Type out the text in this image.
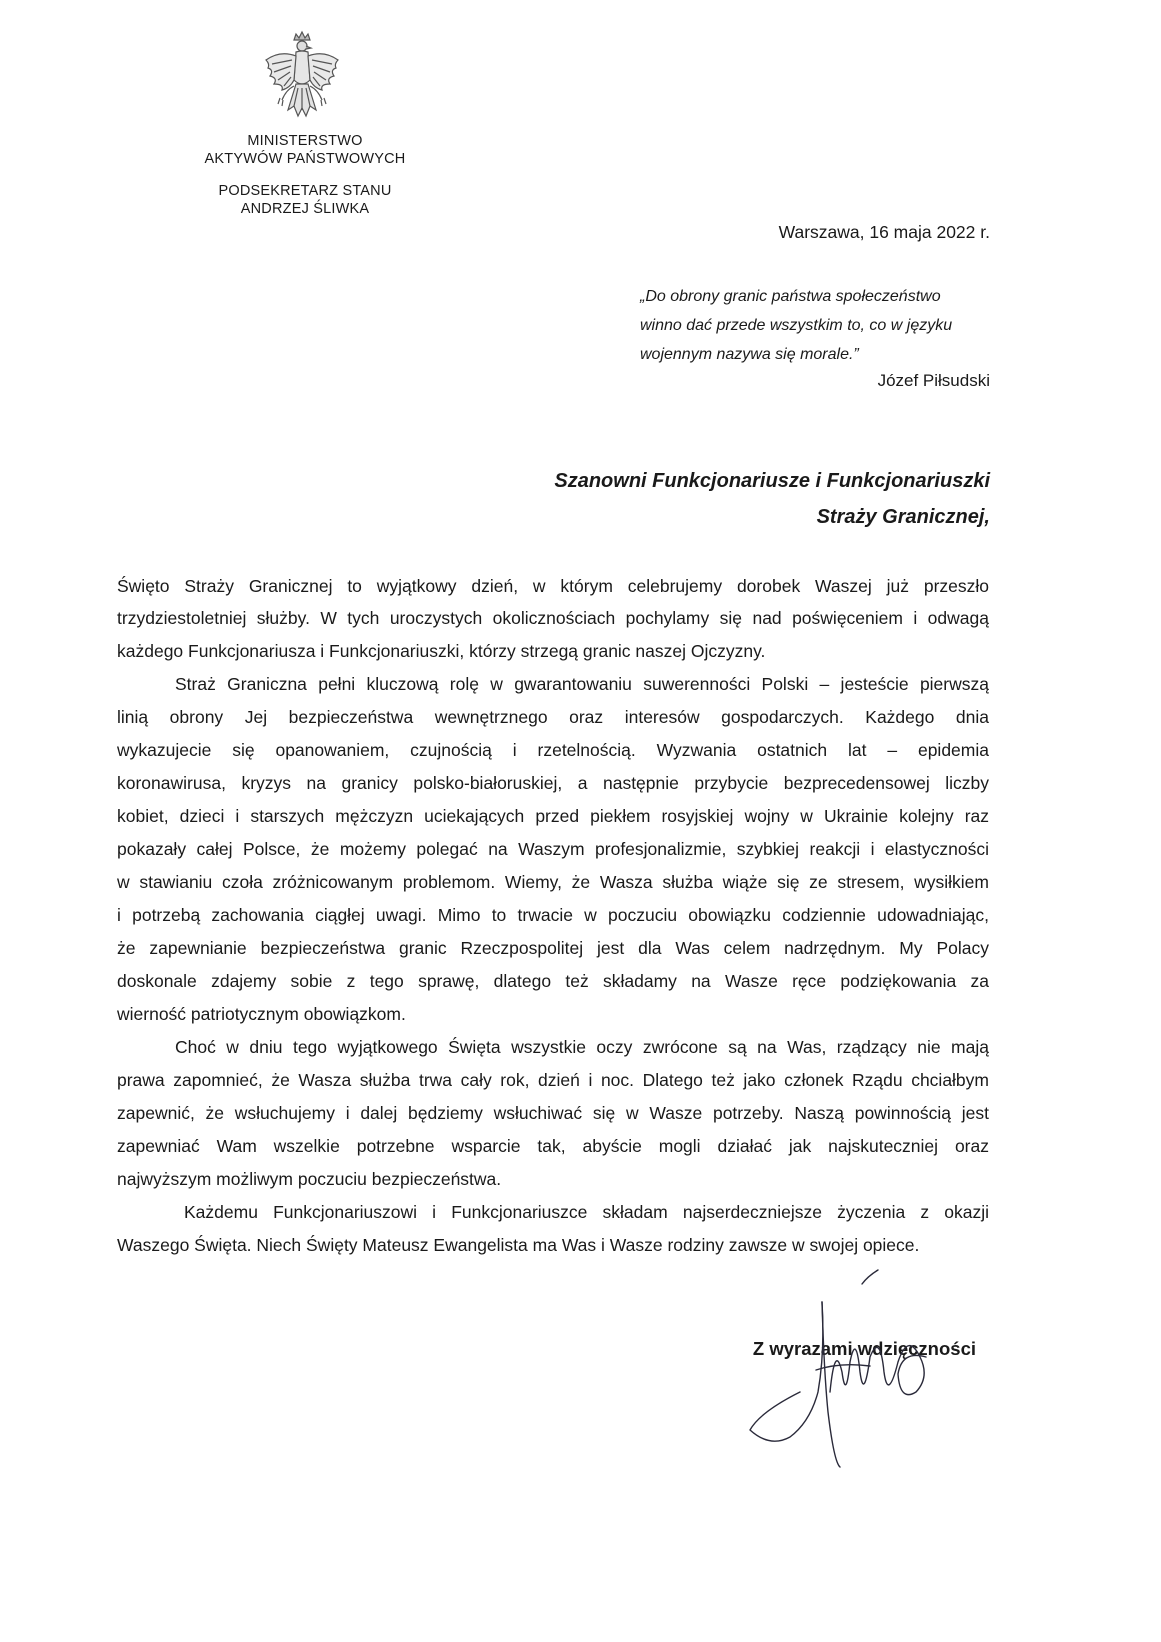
MINISTERSTWO
AKTYWÓW PAŃSTWOWYCH
PODSEKRETARZ STANU
ANDRZEJ ŚLIWKA
Warszawa, 16 maja 2022 r.
„Do obrony granic państwa społeczeństwo
winno dać przede wszystkim to, co w języku
wojennym nazywa się morale.”
Józef Piłsudski
Szanowni Funkcjonariusze i Funkcjonariuszki
Straży Granicznej,
Święto Straży Granicznej to wyjątkowy dzień, w którym celebrujemy dorobek Waszej już przeszło
trzydziestoletniej służby. W tych uroczystych okolicznościach pochylamy się nad poświęceniem i odwagą
każdego Funkcjonariusza i Funkcjonariuszki, którzy strzegą granic naszej Ojczyzny.
Straż Graniczna pełni kluczową rolę w gwarantowaniu suwerenności Polski – jesteście pierwszą
linią obrony Jej bezpieczeństwa wewnętrznego oraz interesów gospodarczych. Każdego dnia
wykazujecie się opanowaniem, czujnością i rzetelnością. Wyzwania ostatnich lat – epidemia
koronawirusa, kryzys na granicy polsko-białoruskiej, a następnie przybycie bezprecedensowej liczby
kobiet, dzieci i starszych mężczyzn uciekających przed piekłem rosyjskiej wojny w Ukrainie kolejny raz
pokazały całej Polsce, że możemy polegać na Waszym profesjonalizmie, szybkiej reakcji i elastyczności
w stawianiu czoła zróżnicowanym problemom. Wiemy, że Wasza służba wiąże się ze stresem, wysiłkiem
i potrzebą zachowania ciągłej uwagi. Mimo to trwacie w poczuciu obowiązku codziennie udowadniając,
że zapewnianie bezpieczeństwa granic Rzeczpospolitej jest dla Was celem nadrzędnym. My Polacy
doskonale zdajemy sobie z tego sprawę, dlatego też składamy na Wasze ręce podziękowania za
wierność patriotycznym obowiązkom.
Choć w dniu tego wyjątkowego Święta wszystkie oczy zwrócone są na Was, rządzący nie mają
prawa zapomnieć, że Wasza służba trwa cały rok, dzień i noc. Dlatego też jako członek Rządu chciałbym
zapewnić, że wsłuchujemy i dalej będziemy wsłuchiwać się w Wasze potrzeby. Naszą powinnością jest
zapewniać Wam wszelkie potrzebne wsparcie tak, abyście mogli działać jak najskuteczniej oraz
najwyższym możliwym poczuciu bezpieczeństwa.
Każdemu Funkcjonariuszowi i Funkcjonariuszce składam najserdeczniejsze życzenia z okazji
Waszego Święta. Niech Święty Mateusz Ewangelista ma Was i Wasze rodziny zawsze w swojej opiece.
Z wyrazami wdzięczności
